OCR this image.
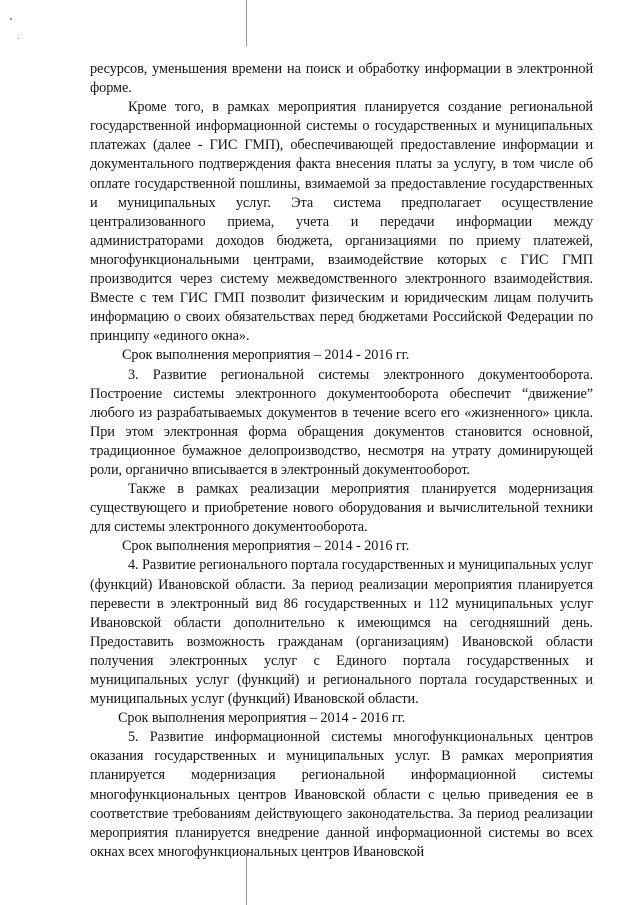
ресурсов, уменьшения времени на поиск и обработку информации в электронной форме.

Кроме того, в рамках мероприятия планируется создание региональной государственной информационной системы о государственных и муниципальных платежах (далее - ГИС ГМП), обеспечивающей предоставление информации и документального подтверждения факта внесения платы за услугу, в том числе об оплате государственной пошлины, взимаемой за предоставление государственных и муниципальных услуг. Эта система предполагает осуществление централизованного приема, учета и передачи информации между администраторами доходов бюджета, организациями по приему платежей, многофункциональными центрами, взаимодействие которых с ГИС ГМП производится через систему межведомственного электронного взаимодействия. Вместе с тем ГИС ГМП позволит физическим и юридическим лицам получить информацию о своих обязательствах перед бюджетами Российской Федерации по принципу «единого окна».

Срок выполнения мероприятия – 2014 - 2016 гг.

3. Развитие региональной системы электронного документооборота. Построение системы электронного документооборота обеспечит “движение” любого из разрабатываемых документов в течение всего его «жизненного» цикла. При этом электронная форма обращения документов становится основной, традиционное бумажное делопроизводство, несмотря на утрату доминирующей роли, органично вписывается в электронный документооборот.

Также в рамках реализации мероприятия планируется модернизация существующего и приобретение нового оборудования и вычислительной техники для системы электронного документооборота.

Срок выполнения мероприятия – 2014 - 2016 гг.

4. Развитие регионального портала государственных и муниципальных услуг (функций) Ивановской области. За период реализации мероприятия планируется перевести в электронный вид 86 государственных и 112 муниципальных услуг Ивановской области дополнительно к имеющимся на сегодняшний день. Предоставить возможность гражданам (организациям) Ивановской области получения электронных услуг с Единого портала государственных и муниципальных услуг (функций) и регионального портала государственных и муниципальных услуг (функций) Ивановской области.

Срок выполнения мероприятия – 2014 - 2016 гг.

5. Развитие информационной системы многофункциональных центров оказания государственных и муниципальных услуг. В рамках мероприятия планируется модернизация региональной информационной системы многофункциональных центров Ивановской области с целью приведения ее в соответствие требованиям действующего законодательства. За период реализации мероприятия планируется внедрение данной информационной системы во всех окнах всех многофункциональных центров Ивановской
